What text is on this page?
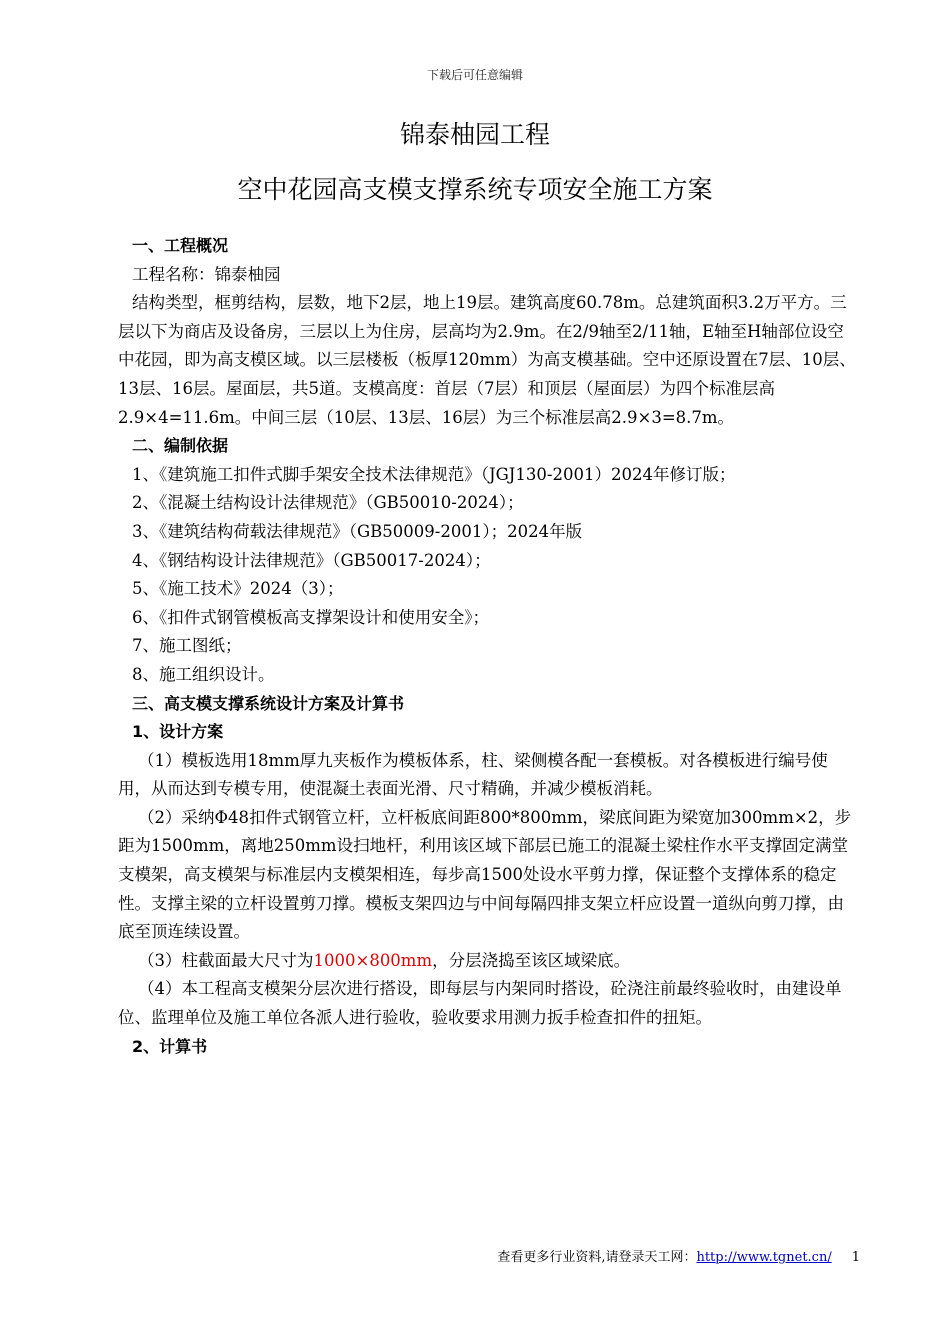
下载后可任意编辑
锦泰柚园工程
空中花园高支模支撑系统专项安全施工方案

一、工程概况

工程名称：锦泰柚园

结构类型，框剪结构，层数，地下2层，地上19层。建筑高度60.78m。总建筑面积3.2万平方。三层以下为商店及设备房，三层以上为住房，层高均为2.9m。在2/9轴至2/11轴，E轴至H轴部位设空中花园，即为高支模区域。以三层楼板（板厚120mm）为高支模基础。空中还原设置在7层、10层、13层、16层。屋面层，共5道。支模高度：首层（7层）和顶层（屋面层）为四个标准层高2.9×4=11.6m。中间三层（10层、13层、16层）为三个标准层高2.9×3=8.7m。

二、编制依据

1、《建筑施工扣件式脚手架安全技术法律规范》（JGJ130-2001）2024年修订版；

2、《混凝土结构设计法律规范》（GB50010-2024）；

3、《建筑结构荷载法律规范》（GB50009-2001）；2024年版

4、《钢结构设计法律规范》（GB50017-2024）；

5、《施工技术》2024（3）；

6、《扣件式钢管模板高支撑架设计和使用安全》；

7、施工图纸；

8、施工组织设计。

三、高支模支撑系统设计方案及计算书

1、设计方案

（1）模板选用18mm厚九夹板作为模板体系，柱、梁侧模各配一套模板。对各模板进行编号使用，从而达到专模专用，使混凝土表面光滑、尺寸精确，并减少模板消耗。

（2）采纳Φ48扣件式钢管立杆，立杆板底间距800*800mm，梁底间距为梁宽加300mm×2，步距为1500mm，离地250mm设扫地杆，利用该区域下部层已施工的混凝土梁柱作水平支撑固定满堂支模架，高支模架与标准层内支模架相连，每步高1500处设水平剪力撑，保证整个支撑体系的稳定性。支撑主梁的立杆设置剪刀撑。模板支架四边与中间每隔四排支架立杆应设置一道纵向剪刀撑，由底至顶连续设置。

（3）柱截面最大尺寸为1000×800mm，分层浇捣至该区域梁底。

（4）本工程高支模架分层次进行搭设，即每层与内架同时搭设，砼浇注前最终验收时，由建设单位、监理单位及施工单位各派人进行验收，验收要求用测力扳手检查扣件的扭矩。

2、计算书

查看更多行业资料,请登录天工网：http://www.tgnet.cn/ 1
